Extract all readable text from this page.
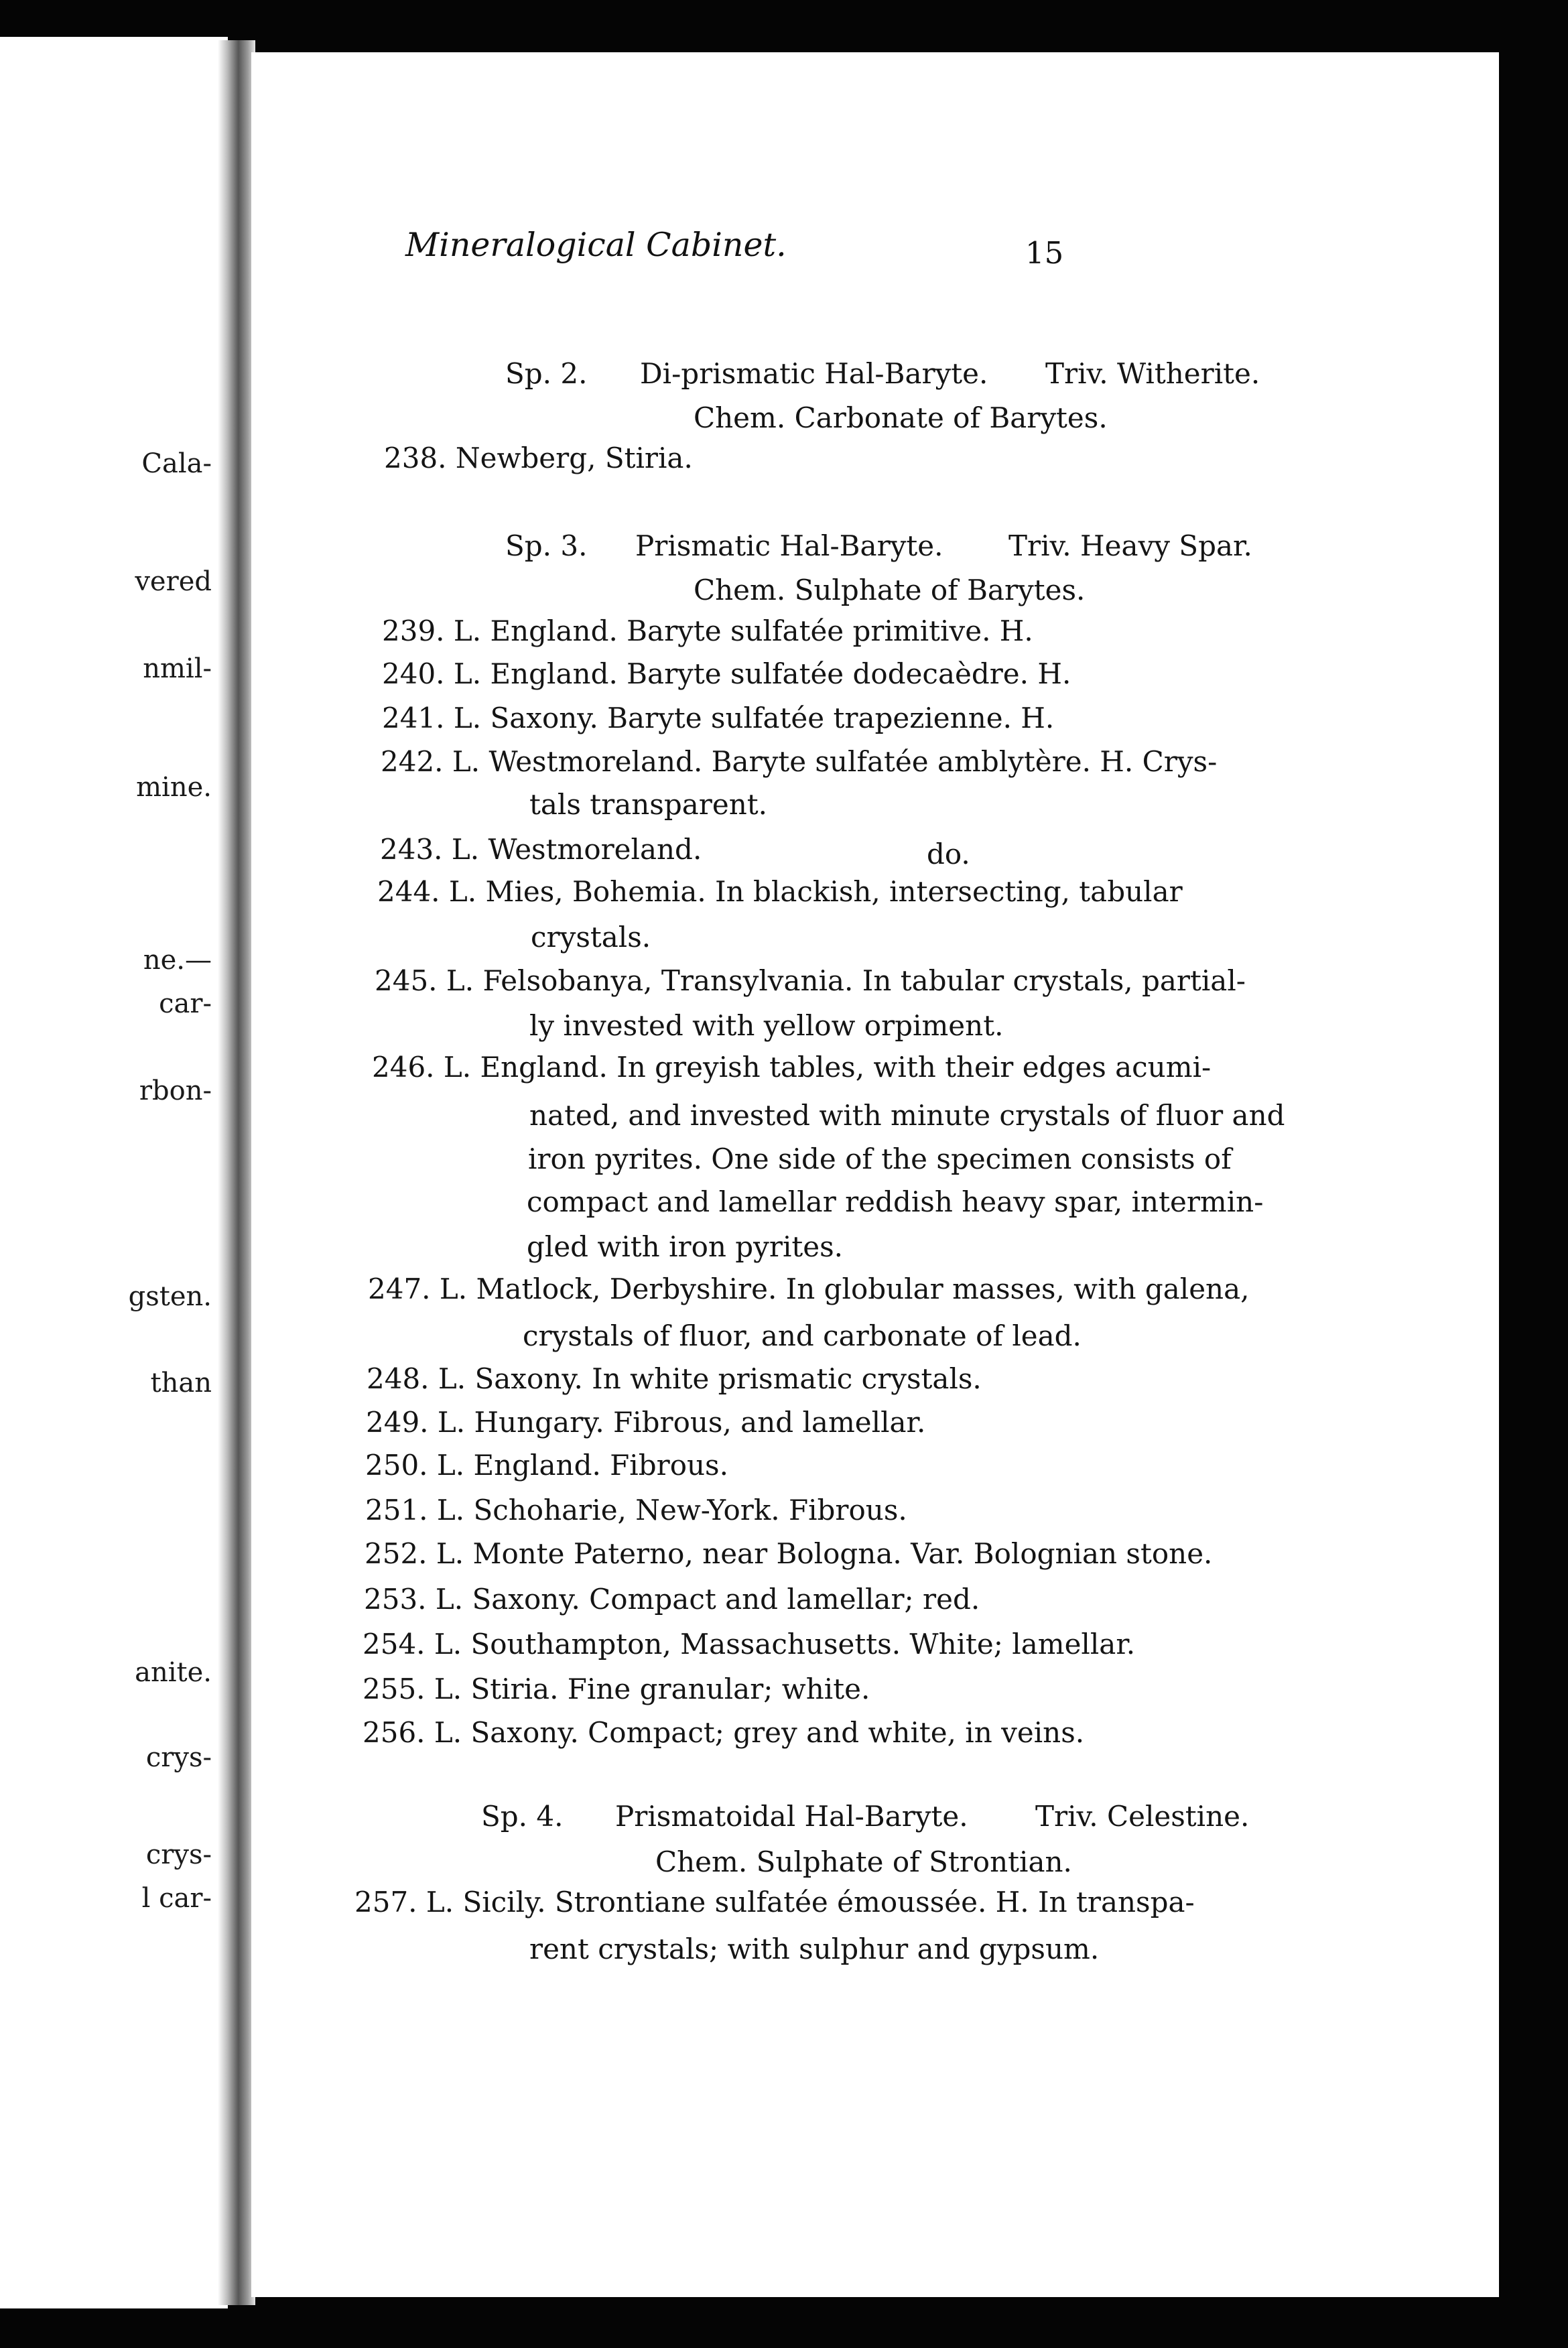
Cala-
vered
nmil-
mine.
ne.—
car-
rbon-
gsten.
than
anite.
crys-
crys-
l car-
Mineralogical Cabinet.	15
Sp. 2. Di-prismatic Hal-Baryte. Triv. Witherite.
Chem. Carbonate of Barytes.
238. Newberg, Stiria.
Sp. 3. Prismatic Hal-Baryte. Triv. Heavy Spar.
Chem. Sulphate of Barytes.
239. L. England. Baryte sulfatée primitive. H.
240. L. England. Baryte sulfatée dodecaèdre. H.
241. L. Saxony. Baryte sulfatée trapezienne. H.
242. L. Westmoreland. Baryte sulfatée amblytère. H. Crys-
tals transparent.
243. L. Westmoreland.	do.
244. L. Mies, Bohemia. In blackish, intersecting, tabular
crystals.
245. L. Felsobanya, Transylvania. In tabular crystals, partial-
ly invested with yellow orpiment.
246. L. England. In greyish tables, with their edges acumi-
nated, and invested with minute crystals of fluor and
iron pyrites. One side of the specimen consists of
compact and lamellar reddish heavy spar, intermin-
gled with iron pyrites.
247. L. Matlock, Derbyshire. In globular masses, with galena,
crystals of fluor, and carbonate of lead.
248. L. Saxony. In white prismatic crystals.
249. L. Hungary. Fibrous, and lamellar.
250. L. England. Fibrous.
251. L. Schoharie, New-York. Fibrous.
252. L. Monte Paterno, near Bologna. Var. Bolognian stone.
253. L. Saxony. Compact and lamellar; red.
254. L. Southampton, Massachusetts. White; lamellar.
255. L. Stiria. Fine granular; white.
256. L. Saxony. Compact; grey and white, in veins.
Sp. 4. Prismatoidal Hal-Baryte. Triv. Celestine.
Chem. Sulphate of Strontian.
257. L. Sicily. Strontiane sulfatée émoussée. H. In transpa-
rent crystals; with sulphur and gypsum.
